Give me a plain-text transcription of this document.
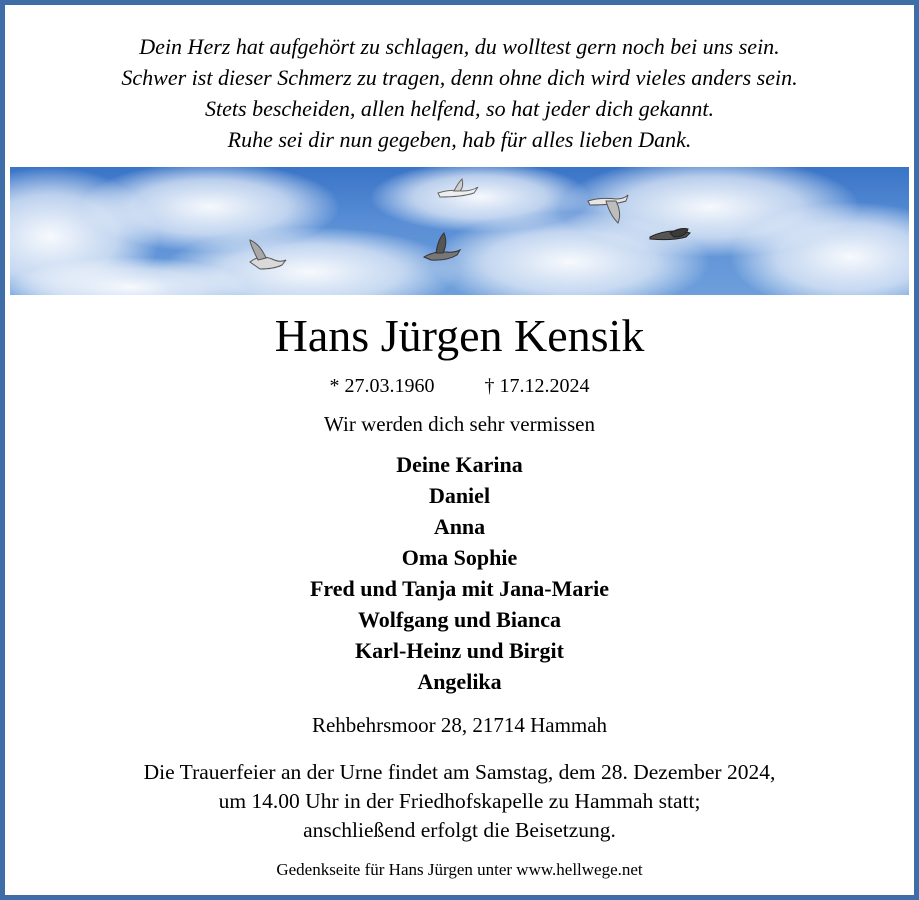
Dein Herz hat aufgehört zu schlagen, du wolltest gern noch bei uns sein.
Schwer ist dieser Schmerz zu tragen, denn ohne dich wird vieles anders sein.
Stets bescheiden, allen helfend, so hat jeder dich gekannt.
Ruhe sei dir nun gegeben, hab für alles lieben Dank.
Hans Jürgen Kensik
* 27.03.1960	† 17.12.2024
Wir werden dich sehr vermissen
Deine Karina
Daniel
Anna
Oma Sophie
Fred und Tanja mit Jana-Marie
Wolfgang und Bianca
Karl-Heinz und Birgit
Angelika
Rehbehrsmoor 28, 21714 Hammah
Die Trauerfeier an der Urne findet am Samstag, dem 28. Dezember 2024,
um 14.00 Uhr in der Friedhofskapelle zu Hammah statt;
anschließend erfolgt die Beisetzung.
Gedenkseite für Hans Jürgen unter www.hellwege.net
